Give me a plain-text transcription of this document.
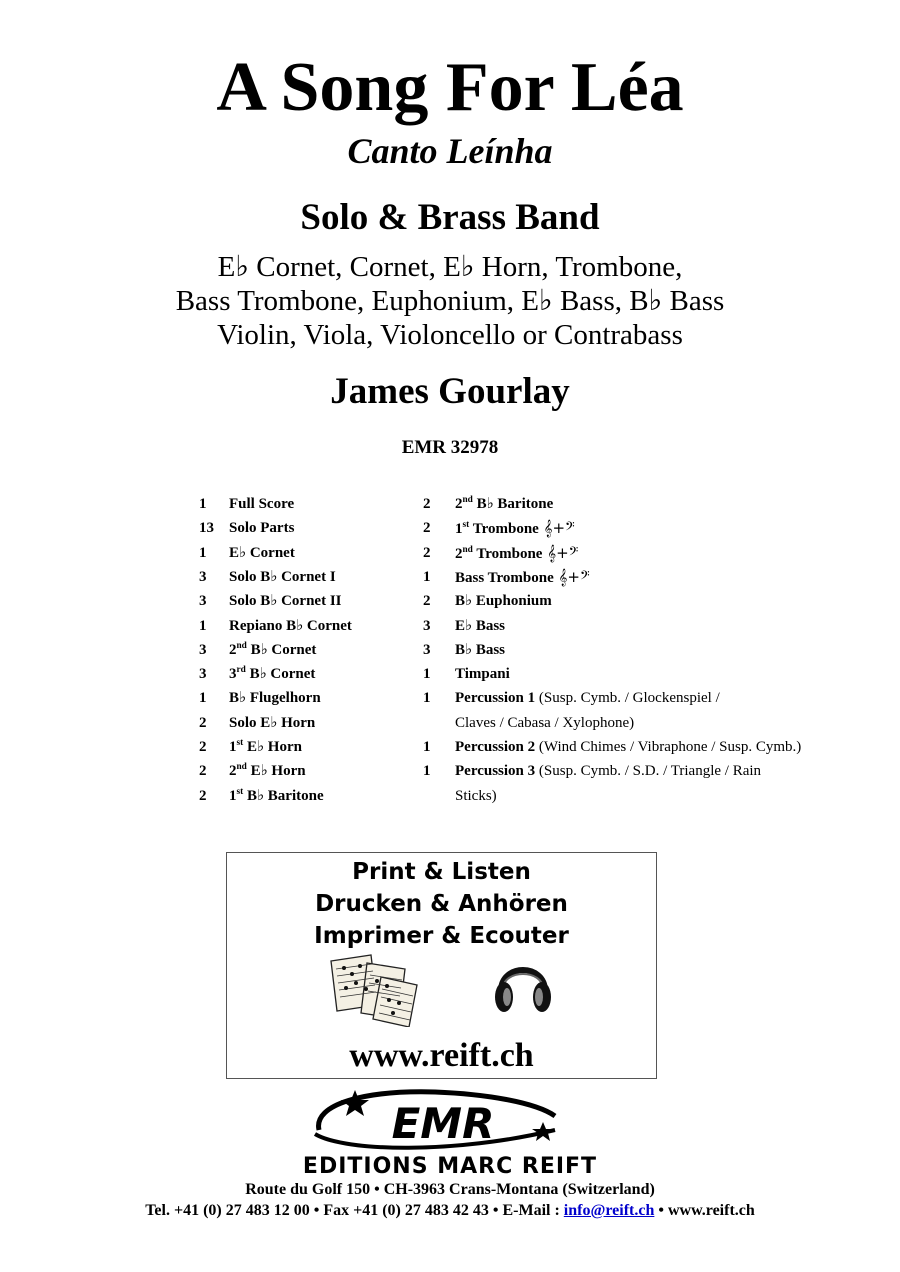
A Song For Léa
Canto Leínha
Solo & Brass Band
E♭ Cornet, Cornet, E♭ Horn, Trombone,
Bass Trombone, Euphonium, E♭ Bass, B♭ Bass
Violin, Viola, Violoncello or Contrabass
James Gourlay
EMR 32978
1 Full Score
13 Solo Parts
1 E♭ Cornet
3 Solo B♭ Cornet I
3 Solo B♭ Cornet II
1 Repiano B♭ Cornet
3 2nd B♭ Cornet
3 3rd B♭ Cornet
1 B♭ Flugelhorn
2 Solo E♭ Horn
2 1st E♭ Horn
2 2nd E♭ Horn
2 1st B♭ Baritone
2 2nd B♭ Baritone
2 1st Trombone 𝄞+𝄢
2 2nd Trombone 𝄞+𝄢
1 Bass Trombone 𝄞+𝄢
2 B♭ Euphonium
3 E♭ Bass
3 B♭ Bass
1 Timpani
1 Percussion 1 (Susp. Cymb. / Glockenspiel /
Claves / Cabasa / Xylophone)
1 Percussion 2 (Wind Chimes / Vibraphone / Susp. Cymb.)
1 Percussion 3 (Susp. Cymb. / S.D. / Triangle / Rain
Sticks)
Print & Listen
Drucken & Anhören
Imprimer & Ecouter
www.reift.ch
EMR
EDITIONS MARC REIFT
Route du Golf 150 • CH-3963 Crans-Montana (Switzerland)
Tel. +41 (0) 27 483 12 00 • Fax +41 (0) 27 483 42 43 • E-Mail : info@reift.ch • www.reift.ch
